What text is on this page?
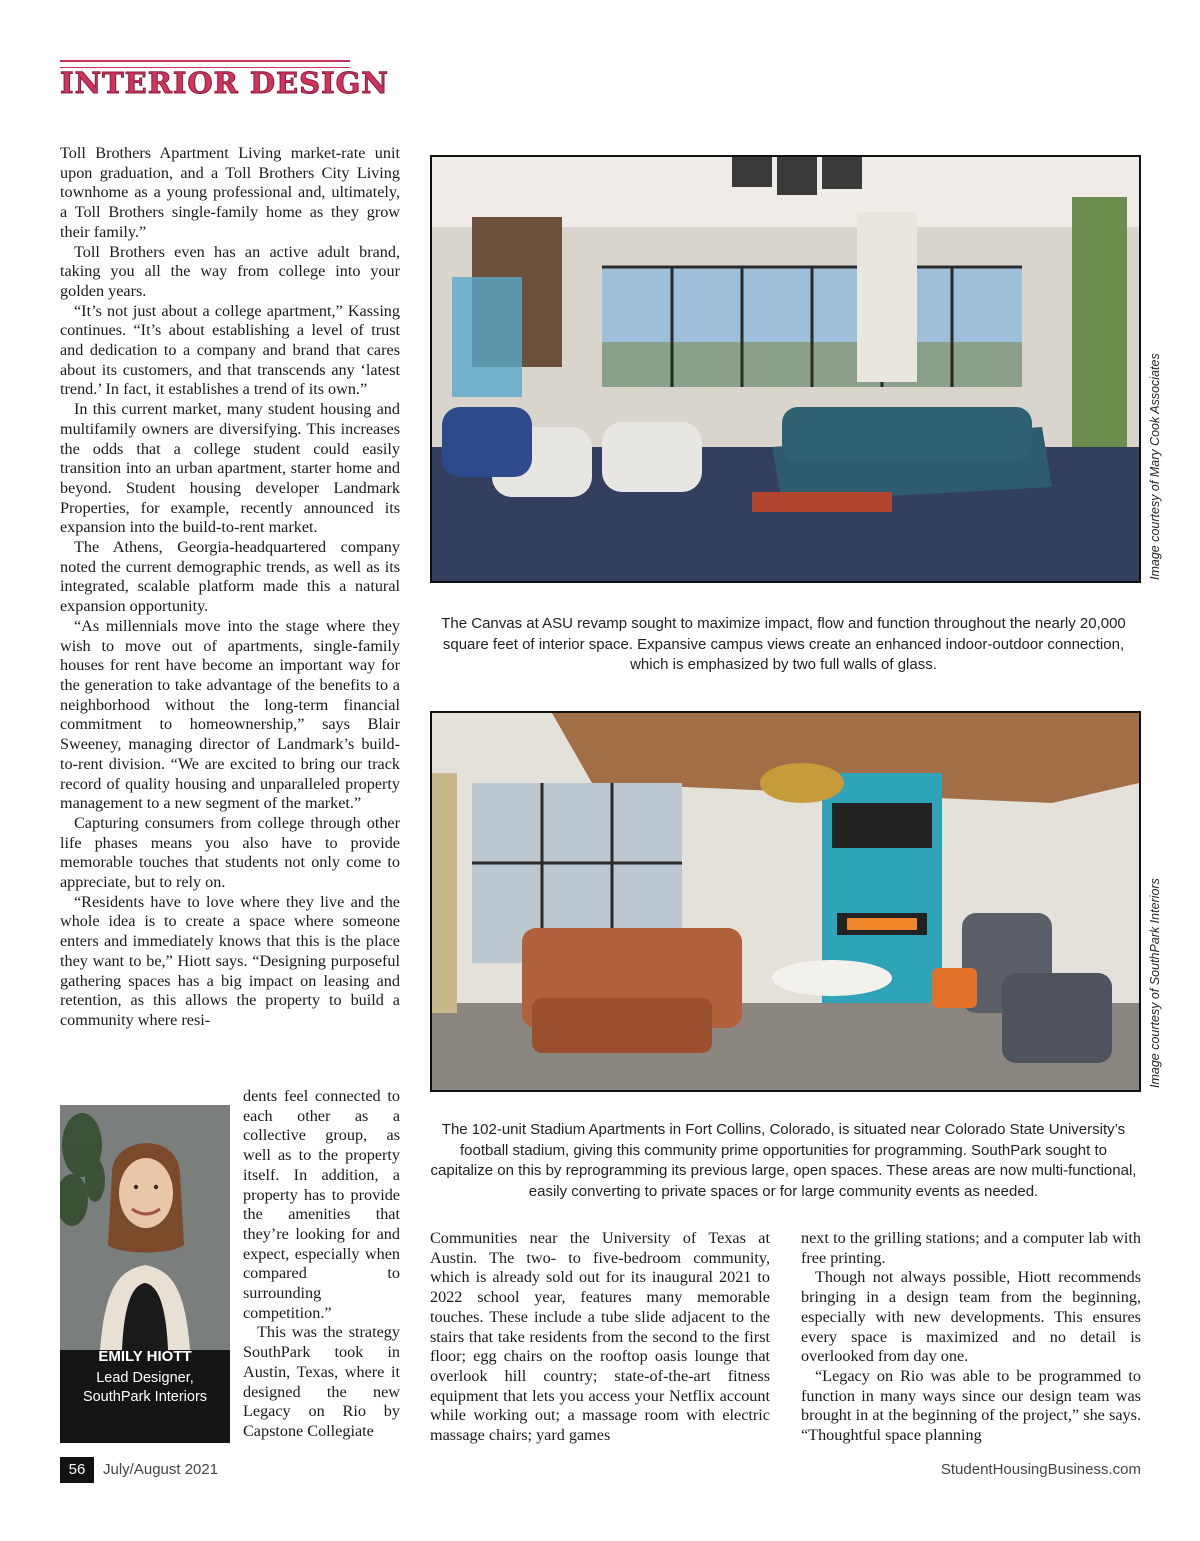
INTERIOR DESIGN

Toll Brothers Apartment Living market-rate unit upon graduation, and a Toll Brothers City Living townhome as a young professional and, ultimately, a Toll Brothers single-family home as they grow their family.”

Toll Brothers even has an active adult brand, taking you all the way from college into your golden years.

“It’s not just about a college apartment,” Kassing continues. “It’s about establishing a level of trust and dedication to a company and brand that cares about its customers, and that transcends any ‘latest trend.’ In fact, it establishes a trend of its own.”

In this current market, many student housing and multifamily owners are diversifying. This increases the odds that a college student could easily transition into an urban apartment, starter home and beyond. Student housing developer Landmark Properties, for example, recently announced its expansion into the build-to-rent market.

The Athens, Georgia-headquartered company noted the current demographic trends, as well as its integrated, scalable platform made this a natural expansion opportunity.

“As millennials move into the stage where they wish to move out of apartments, single-family houses for rent have become an important way for the generation to take advantage of the benefits to a neighborhood without the long-term financial commitment to homeownership,” says Blair Sweeney, managing director of Landmark’s build-to-rent division. “We are excited to bring our track record of quality housing and unparalleled property management to a new segment of the market.”

Capturing consumers from college through other life phases means you also have to provide memorable touches that students not only come to appreciate, but to rely on.

“Residents have to love where they live and the whole idea is to create a space where someone enters and immediately knows that this is the place they want to be,” Hiott says. “Designing purposeful gathering spaces has a big impact on leasing and retention, as this allows the property to build a community where resi-

dents feel connected to each other as a collective group, as well as to the property itself. In addition, a property has to provide the amenities that they’re looking for and expect, especially when compared to surrounding competition.”

This was the strategy SouthPark took in Austin, Texas, where it designed the new Legacy on Rio by Capstone Collegiate

EMILY HIOTT
Lead Designer,
SouthPark Interiors
Image courtesy of Mary Cook Associates
The Canvas at ASU revamp sought to maximize impact, flow and function throughout the nearly 20,000 square feet of interior space. Expansive campus views create an enhanced indoor-outdoor connection, which is emphasized by two full walls of glass.
Image courtesy of SouthPark Interiors
The 102-unit Stadium Apartments in Fort Collins, Colorado, is situated near Colorado State University’s football stadium, giving this community prime opportunities for programming. SouthPark sought to capitalize on this by reprogramming its previous large, open spaces. These areas are now multi-functional, easily converting to private spaces or for large community events as needed.

Communities near the University of Texas at Austin. The two- to five-bedroom community, which is already sold out for its inaugural 2021 to 2022 school year, features many memorable touches. These include a tube slide adjacent to the stairs that take residents from the second to the first floor; egg chairs on the rooftop oasis lounge that overlook hill country; state-of-the-art fitness equipment that lets you access your Netflix account while working out; a massage room with electric massage chairs; yard games

next to the grilling stations; and a computer lab with free printing.

Though not always possible, Hiott recommends bringing in a design team from the beginning, especially with new developments. This ensures every space is maximized and no detail is overlooked from day one.

“Legacy on Rio was able to be programmed to function in many ways since our design team was brought in at the beginning of the project,” she says. “Thoughtful space planning

56	July/August 2021	StudentHousingBusiness.com
